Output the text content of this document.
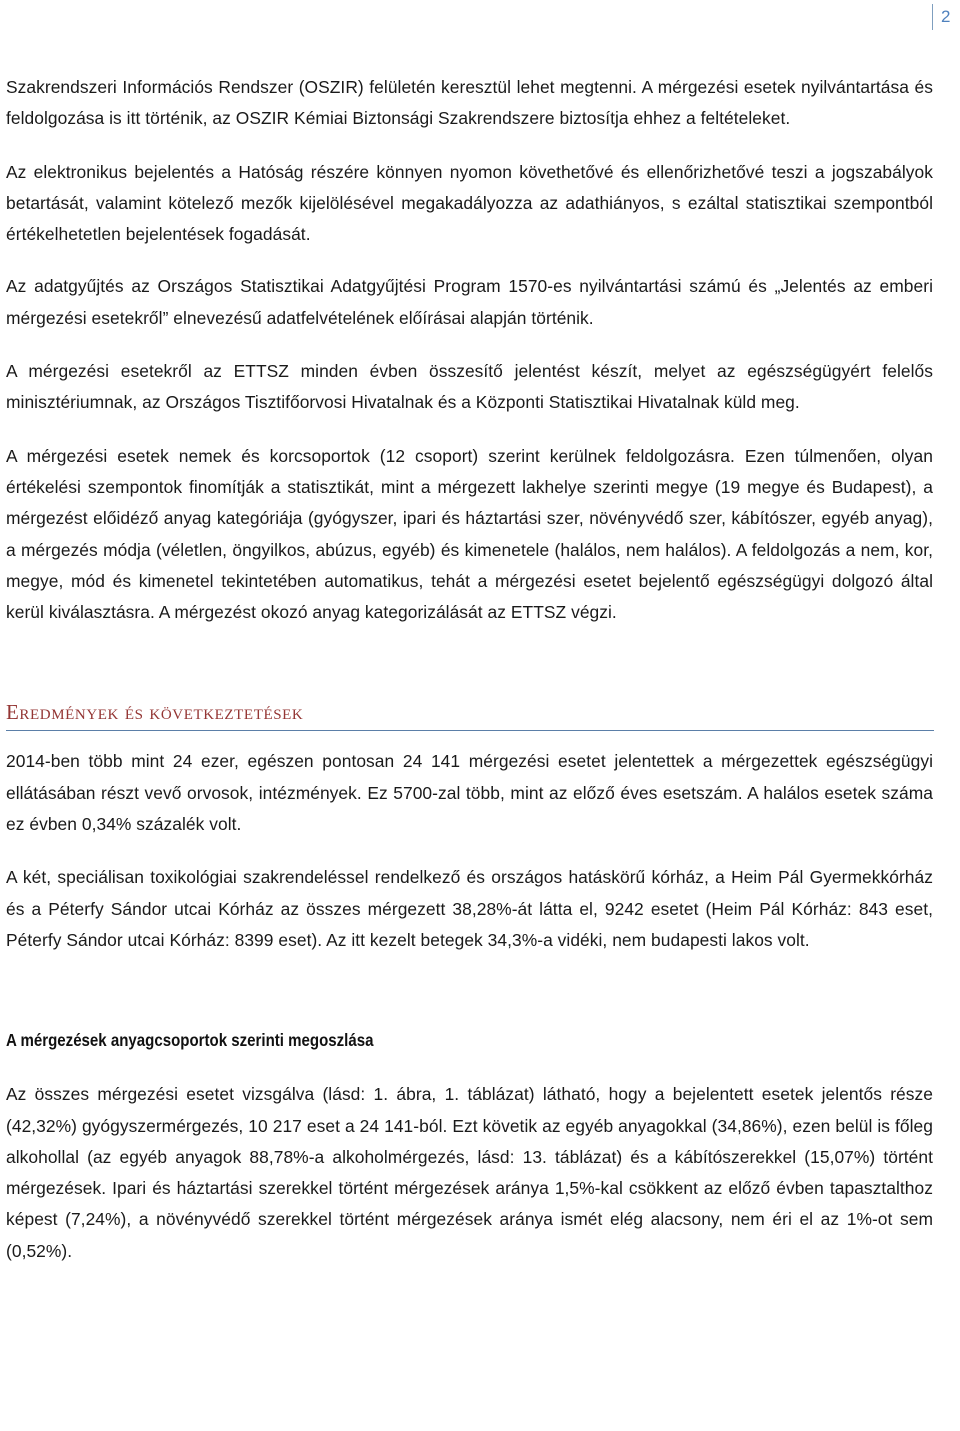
2

Szakrendszeri Információs Rendszer (OSZIR) felületén keresztül lehet megtenni. A mérgezési esetek nyilvántartása és feldolgozása is itt történik, az OSZIR Kémiai Biztonsági Szakrendszere biztosítja ehhez a feltételeket.

Az elektronikus bejelentés a Hatóság részére könnyen nyomon követhetővé és ellenőrizhetővé teszi a jogszabályok betartását, valamint kötelező mezők kijelölésével megakadályozza az adathiányos, s ezáltal statisztikai szempontból értékelhetetlen bejelentések fogadását.

Az adatgyűjtés az Országos Statisztikai Adatgyűjtési Program 1570-es nyilvántartási számú és „Jelentés az emberi mérgezési esetekről” elnevezésű adatfelvételének előírásai alapján történik.

A mérgezési esetekről az ETTSZ minden évben összesítő jelentést készít, melyet az egészségügyért felelős minisztériumnak, az Országos Tisztifőorvosi Hivatalnak és a Központi Statisztikai Hivatalnak küld meg.

A mérgezési esetek nemek és korcsoportok (12 csoport) szerint kerülnek feldolgozásra. Ezen túlmenően, olyan értékelési szempontok finomítják a statisztikát, mint a mérgezett lakhelye szerinti megye (19 megye és Budapest), a mérgezést előidéző anyag kategóriája (gyógyszer, ipari és háztartási szer, növényvédő szer, kábítószer, egyéb anyag), a mérgezés módja (véletlen, öngyilkos, abúzus, egyéb) és kimenetele (halálos, nem halálos). A feldolgozás a nem, kor, megye, mód és kimenetel tekintetében automatikus, tehát a mérgezési esetet bejelentő egészségügyi dolgozó által kerül kiválasztásra. A mérgezést okozó anyag kategorizálását az ETTSZ végzi.

Eredmények és következtetések

2014-ben több mint 24 ezer, egészen pontosan 24 141 mérgezési esetet jelentettek a mérgezettek egészségügyi ellátásában részt vevő orvosok, intézmények. Ez 5700-zal több, mint az előző éves esetszám. A halálos esetek száma ez évben 0,34% százalék volt.

A két, speciálisan toxikológiai szakrendeléssel rendelkező és országos hatáskörű kórház, a Heim Pál Gyermekkórház és a Péterfy Sándor utcai Kórház az összes mérgezett 38,28%-át látta el, 9242 esetet (Heim Pál Kórház: 843 eset, Péterfy Sándor utcai Kórház: 8399 eset). Az itt kezelt betegek 34,3%-a vidéki, nem budapesti lakos volt.

A mérgezések anyagcsoportok szerinti megoszlása

Az összes mérgezési esetet vizsgálva (lásd: 1. ábra, 1. táblázat) látható, hogy a bejelentett esetek jelentős része (42,32%) gyógyszermérgezés, 10 217 eset a 24 141-ból. Ezt követik az egyéb anyagokkal (34,86%), ezen belül is főleg alkohollal (az egyéb anyagok 88,78%-a alkoholmérgezés, lásd: 13. táblázat) és a kábítószerekkel (15,07%) történt mérgezések. Ipari és háztartási szerekkel történt mérgezések aránya 1,5%-kal csökkent az előző évben tapasztalthoz képest (7,24%), a növényvédő szerekkel történt mérgezések aránya ismét elég alacsony, nem éri el az 1%-ot sem (0,52%).
